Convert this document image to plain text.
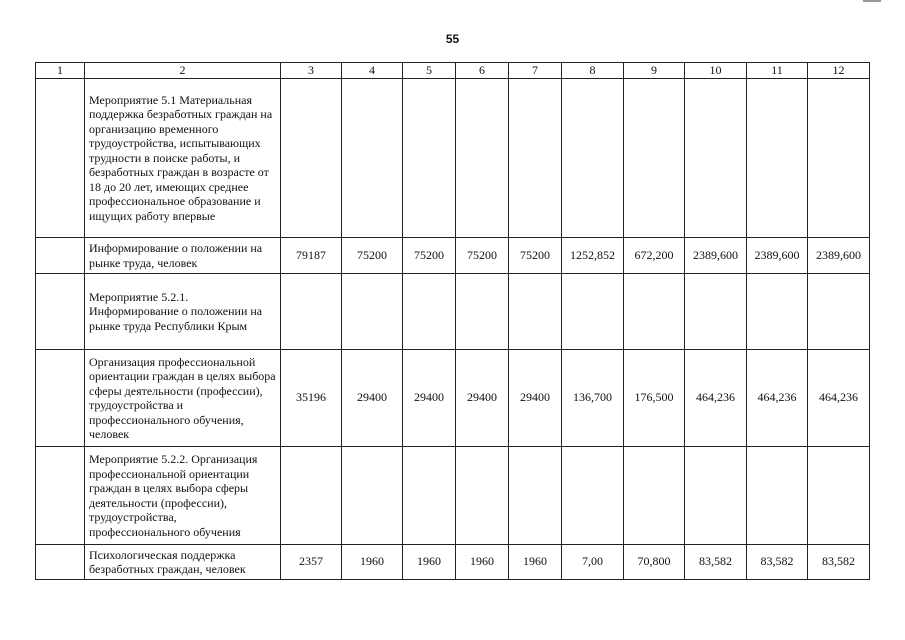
55
1	2	3	4	5	6	7	8	9	10	11	12
	Мероприятие 5.1 Материальная поддержка безработных граждан на организацию временного трудоустройства, испытывающих трудности в поиске работы, и безработных граждан в возрасте от 18 до 20 лет, имеющих среднее профессиональное образование и ищущих работу впервые										
	Информирование о положении на рынке труда, человек	79187	75200	75200	75200	75200	1252,852	672,200	2389,600	2389,600	2389,600
	Мероприятие 5.2.1. Информирование о положении на рынке труда Республики Крым										
	Организация профессиональной ориентации граждан в целях выбора сферы деятельности (профессии), трудоустройства и профессионального обучения, человек	35196	29400	29400	29400	29400	136,700	176,500	464,236	464,236	464,236
	Мероприятие 5.2.2. Организация профессиональной ориентации граждан в целях выбора сферы деятельности (профессии), трудоустройства, профессионального обучения										
	Психологическая поддержка безработных граждан, человек	2357	1960	1960	1960	1960	7,00	70,800	83,582	83,582	83,582
